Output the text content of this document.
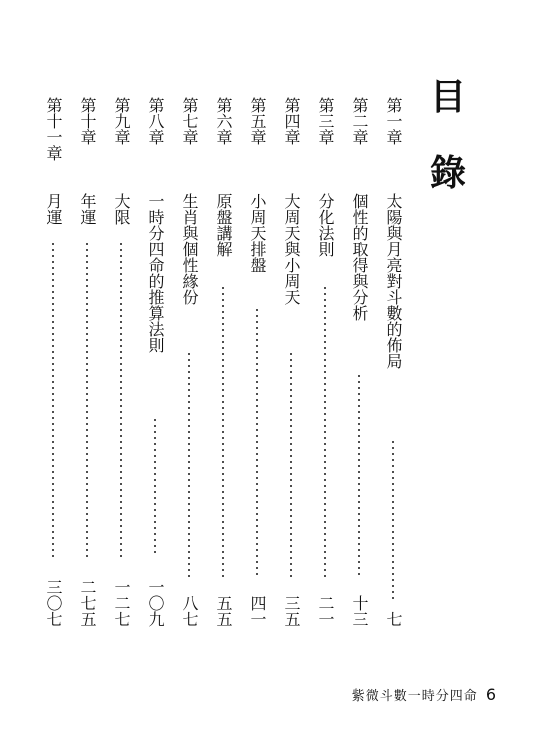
目
錄
第一章
太陽與月亮對斗數的佈局
七
第二章
個性的取得與分析
十三
第三章
分化法則
二一
第四章
大周天與小周天
三五
第五章
小周天排盤
四一
第六章
原盤講解
五五
第七章
生肖與個性緣份
八七
第八章
一時分四命的推算法則
一〇九
第九章
大限
一二七
第十章
年運
二七五
第十一章
月運
三〇七
紫微斗數一時分四命 6
